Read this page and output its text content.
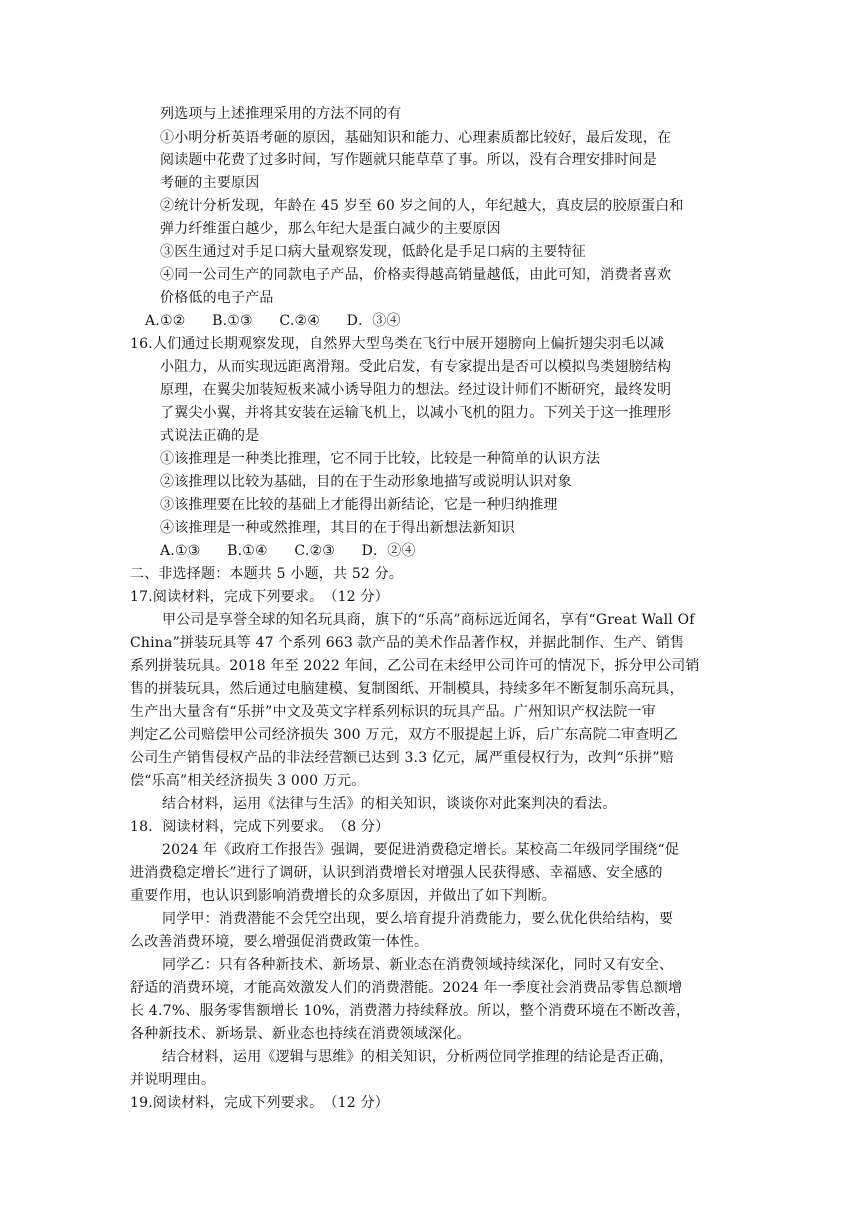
列选项与上述推理采用的方法不同的有
①小明分析英语考砸的原因，基础知识和能力、心理素质都比较好，最后发现，在
阅读题中花费了过多时间，写作题就只能草草了事。所以，没有合理安排时间是
考砸的主要原因
②统计分析发现，年龄在 45 岁至 60 岁之间的人，年纪越大，真皮层的胶原蛋白和
弹力纤维蛋白越少，那么年纪大是蛋白减少的主要原因
③医生通过对手足口病大量观察发现，低龄化是手足口病的主要特征
④同一公司生产的同款电子产品，价格卖得越高销量越低，由此可知，消费者喜欢
价格低的电子产品
A.①② B.①③ C.②④ D．③④
16.人们通过长期观察发现，自然界大型鸟类在飞行中展开翅膀向上偏折翅尖羽毛以减
小阻力，从而实现远距离滑翔。受此启发，有专家提出是否可以模拟鸟类翅膀结构
原理，在翼尖加装短板来减小诱导阻力的想法。经过设计师们不断研究，最终发明
了翼尖小翼，并将其安装在运输飞机上，以减小飞机的阻力。下列关于这一推理形
式说法正确的是
①该推理是一种类比推理，它不同于比较，比较是一种简单的认识方法
②该推理以比较为基础，目的在于生动形象地描写或说明认识对象
③该推理要在比较的基础上才能得出新结论，它是一种归纳推理
④该推理是一种或然推理，其目的在于得出新想法新知识
A.①③ B.①④ C.②③ D．②④
二、非选择题：本题共 5 小题，共 52 分。
17.阅读材料，完成下列要求。　（12 分）
甲公司是享誉全球的知名玩具商，旗下的“乐高”商标远近闻名，享有“Great Wall Of
China”拼装玩具等 47 个系列 663 款产品的美术作品著作权，并据此制作、生产、销售
系列拼装玩具。2018 年至 2022 年间，乙公司在未经甲公司许可的情况下，拆分甲公司销
售的拼装玩具，然后通过电脑建模、复制图纸、开制模具，持续多年不断复制乐高玩具，
生产出大量含有“乐拼”中文及英文字样系列标识的玩具产品。广州知识产权法院一审
判定乙公司赔偿甲公司经济损失 300 万元，双方不服提起上诉，后广东高院二审查明乙
公司生产销售侵权产品的非法经营额已达到 3.3 亿元，属严重侵权行为，改判“乐拼”赔
偿“乐高”相关经济损失 3 000 万元。
结合材料，运用《法律与生活》的相关知识，谈谈你对此案判决的看法。
18．阅读材料，完成下列要求。　（8 分）
2024 年《政府工作报告》强调，要促进消费稳定增长。某校高二年级同学围绕“促
进消费稳定增长”进行了调研，认识到消费增长对增强人民获得感、幸福感、安全感的
重要作用，也认识到影响消费增长的众多原因，并做出了如下判断。
同学甲：消费潜能不会凭空出现，要么培育提升消费能力，要么优化供给结构，要
么改善消费环境，要么增强促消费政策一体性。
同学乙：只有各种新技术、新场景、新业态在消费领域持续深化，同时又有安全、
舒适的消费环境，才能高效激发人们的消费潜能。2024 年一季度社会消费品零售总额增
长 4.7%、服务零售额增长 10%，消费潜力持续释放。所以，整个消费环境在不断改善，
各种新技术、新场景、新业态也持续在消费领域深化。
结合材料，运用《逻辑与思维》的相关知识，分析两位同学推理的结论是否正确，
并说明理由。
19.阅读材料，完成下列要求。　（12 分）
